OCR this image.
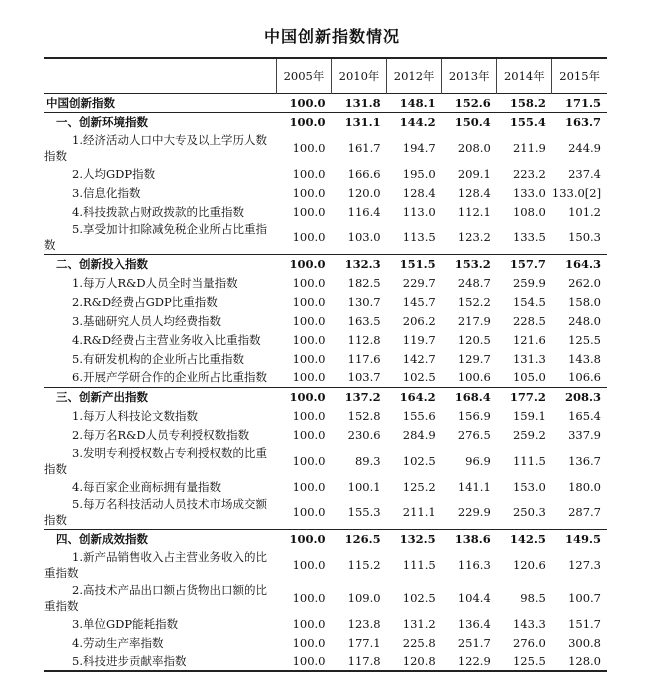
中国创新指数情况
	2005年	2010年	2012年	2013年	2014年	2015年
中国创新指数	100.0	131.8	148.1	152.6	158.2	171.5
一、创新环境指数	100.0	131.1	144.2	150.4	155.4	163.7
1.经济活动人口中大专及以上学历人数指数	100.0	161.7	194.7	208.0	211.9	244.9
2.人均GDP指数	100.0	166.6	195.0	209.1	223.2	237.4
3.信息化指数	100.0	120.0	128.4	128.4	133.0	133.0[2]
4.科技拨款占财政拨款的比重指数	100.0	116.4	113.0	112.1	108.0	101.2
5.享受加计扣除减免税企业所占比重指数	100.0	103.0	113.5	123.2	133.5	150.3
二、创新投入指数	100.0	132.3	151.5	153.2	157.7	164.3
1.每万人R&D人员全时当量指数	100.0	182.5	229.7	248.7	259.9	262.0
2.R&D经费占GDP比重指数	100.0	130.7	145.7	152.2	154.5	158.0
3.基础研究人员人均经费指数	100.0	163.5	206.2	217.9	228.5	248.0
4.R&D经费占主营业务收入比重指数	100.0	112.8	119.7	120.5	121.6	125.5
5.有研发机构的企业所占比重指数	100.0	117.6	142.7	129.7	131.3	143.8
6.开展产学研合作的企业所占比重指数	100.0	103.7	102.5	100.6	105.0	106.6
三、创新产出指数	100.0	137.2	164.2	168.4	177.2	208.3
1.每万人科技论文数指数	100.0	152.8	155.6	156.9	159.1	165.4
2.每万名R&D人员专利授权数指数	100.0	230.6	284.9	276.5	259.2	337.9
3.发明专利授权数占专利授权数的比重指数	100.0	89.3	102.5	96.9	111.5	136.7
4.每百家企业商标拥有量指数	100.0	100.1	125.2	141.1	153.0	180.0
5.每万名科技活动人员技术市场成交额指数	100.0	155.3	211.1	229.9	250.3	287.7
四、创新成效指数	100.0	126.5	132.5	138.6	142.5	149.5
1.新产品销售收入占主营业务收入的比重指数	100.0	115.2	111.5	116.3	120.6	127.3
2.高技术产品出口额占货物出口额的比重指数	100.0	109.0	102.5	104.4	98.5	100.7
3.单位GDP能耗指数	100.0	123.8	131.2	136.4	143.3	151.7
4.劳动生产率指数	100.0	177.1	225.8	251.7	276.0	300.8
5.科技进步贡献率指数	100.0	117.8	120.8	122.9	125.5	128.0
